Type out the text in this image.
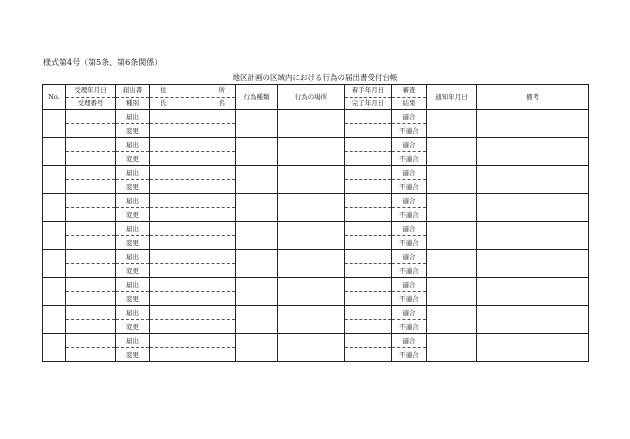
様式第4号（第5条、第6条関係）
地区計画の区域内における行為の届出書受付台帳
No.	受理年月日	届出書	住 所	行為種類	行為の場所	着手年月日	審査	通知年月日	備考
	受理番号	種別	氏 名			完了年月日	結果		
		届出					適合		
		変更					不適合		
		届出					適合		
		変更					不適合		
		届出					適合		
		変更					不適合		
		届出					適合		
		変更					不適合		
		届出					適合		
		変更					不適合		
		届出					適合		
		変更					不適合		
		届出					適合		
		変更					不適合		
		届出					適合		
		変更					不適合		
		届出					適合		
		変更					不適合		
